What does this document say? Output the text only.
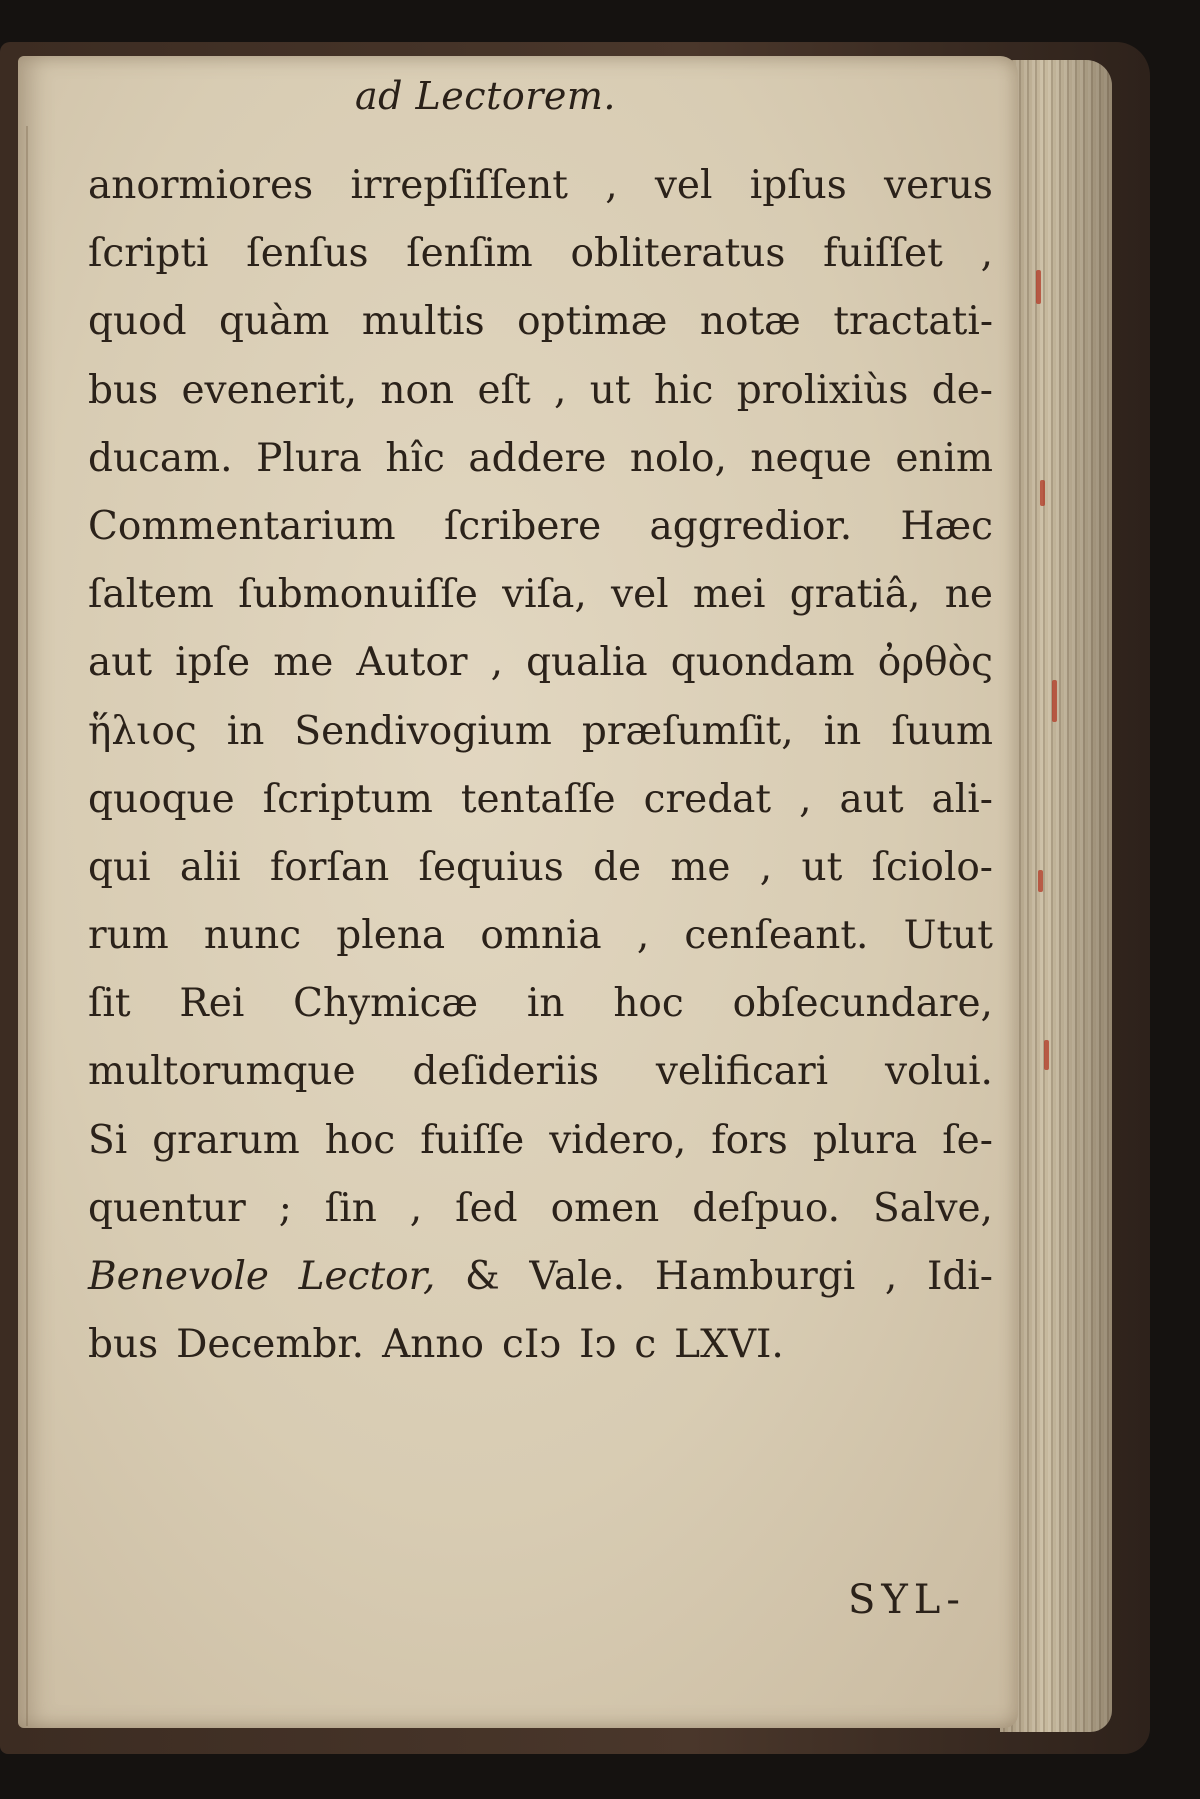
ad Lectorem.
anormiores irrepſiſſent , vel ipſus verus
ſcripti ſenſus ſenſim obliteratus fuiſſet ,
quod quàm multis optimæ notæ tractati-
bus evenerit, non eſt , ut hic prolixiùs de-
ducam. Plura hîc addere nolo, neque enim
Commentarium ſcribere aggredior. Hæc
ſaltem ſubmonuiſſe viſa, vel mei gratiâ, ne
aut ipſe me Autor , qualia quondam ὀρθὸς
ἥλιος in Sendivogium præſumſit, in ſuum
quoque ſcriptum tentaſſe credat , aut ali-
qui alii forſan ſequius de me , ut ſciolo-
rum nunc plena omnia , cenſeant. Utut
ſit Rei Chymicæ in hoc obſecundare,
multorumque deſideriis velificari volui.
Si grarum hoc fuiſſe videro, fors plura ſe-
quentur ; ſin , ſed omen deſpuo. Salve,
Benevole Lector, & Vale. Hamburgi , Idi-
bus Decembr. Anno cIↄ Iↄ c LXVI.
SYL-
